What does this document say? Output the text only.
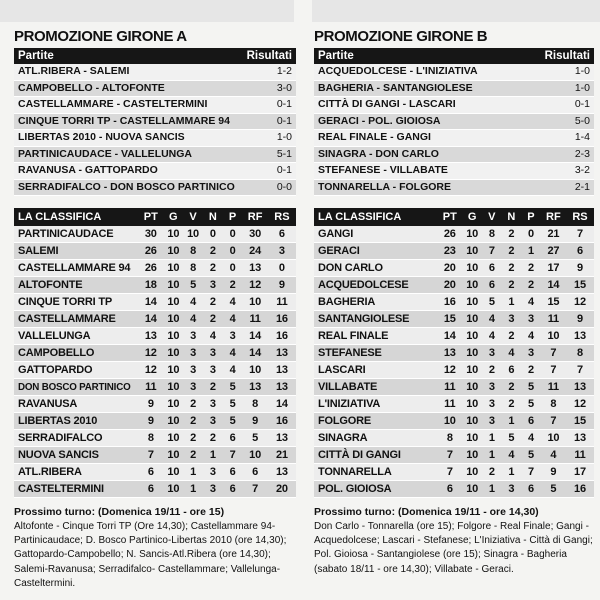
PROMOZIONE GIRONE A
Partite	Risultati
ATL.RIBERA - SALEMI	1-2
CAMPOBELLO - ALTOFONTE	3-0
CASTELLAMMARE - CASTELTERMINI	0-1
CINQUE TORRI TP - CASTELLAMMARE 94	0-1
LIBERTAS 2010 - NUOVA SANCIS	1-0
PARTINICAUDACE - VALLELUNGA	5-1
RAVANUSA - GATTOPARDO	0-1
SERRADIFALCO - DON BOSCO PARTINICO	0-0
LA CLASSIFICA	PT	G	V	N	P	RF	RS
PARTINICAUDACE	30	10	10	0	0	30	6
SALEMI	26	10	8	2	0	24	3
CASTELLAMMARE 94	26	10	8	2	0	13	0
ALTOFONTE	18	10	5	3	2	12	9
CINQUE TORRI TP	14	10	4	2	4	10	11
CASTELLAMMARE	14	10	4	2	4	11	16
VALLELUNGA	13	10	3	4	3	14	16
CAMPOBELLO	12	10	3	3	4	14	13
GATTOPARDO	12	10	3	3	4	10	13
DON BOSCO PARTINICO	11	10	3	2	5	13	13
RAVANUSA	9	10	2	3	5	8	14
LIBERTAS 2010	9	10	2	3	5	9	16
SERRADIFALCO	8	10	2	2	6	5	13
NUOVA SANCIS	7	10	2	1	7	10	21
ATL.RIBERA	6	10	1	3	6	6	13
CASTELTERMINI	6	10	1	3	6	7	20
Prossimo turno: (Domenica 19/11 - ore 15)
Altofonte - Cinque Torri TP (Ore 14,30); Castellammare 94-Partinicaudace; D. Bosco Partinico-Libertas 2010 (ore 14,30); Gattopardo-Campobello; N. Sancis-Atl.Ribera (ore 14,30); Salemi-Ravanusa; Serradifalco- Castellammare; Vallelunga-Casteltermini.
PROMOZIONE GIRONE B
Partite	Risultati
ACQUEDOLCESE - L'INIZIATIVA	1-0
BAGHERIA - SANTANGIOLESE	1-0
CITTÀ DI GANGI - LASCARI	0-1
GERACI - POL. GIOIOSA	5-0
REAL FINALE - GANGI	1-4
SINAGRA - DON CARLO	2-3
STEFANESE - VILLABATE	3-2
TONNARELLA - FOLGORE	2-1
LA CLASSIFICA	PT	G	V	N	P	RF	RS
GANGI	26	10	8	2	0	21	7
GERACI	23	10	7	2	1	27	6
DON CARLO	20	10	6	2	2	17	9
ACQUEDOLCESE	20	10	6	2	2	14	15
BAGHERIA	16	10	5	1	4	15	12
SANTANGIOLESE	15	10	4	3	3	11	9
REAL FINALE	14	10	4	2	4	10	13
STEFANESE	13	10	3	4	3	7	8
LASCARI	12	10	2	6	2	7	7
VILLABATE	11	10	3	2	5	11	13
L'INIZIATIVA	11	10	3	2	5	8	12
FOLGORE	10	10	3	1	6	7	15
SINAGRA	8	10	1	5	4	10	13
CITTÀ DI GANGI	7	10	1	4	5	4	11
TONNARELLA	7	10	2	1	7	9	17
POL. GIOIOSA	6	10	1	3	6	5	16
Prossimo turno: (Domenica 19/11 - ore 14,30)
Don Carlo - Tonnarella (ore 15); Folgore - Real Finale; Gangi - Acquedolcese; Lascari - Stefanese; L'Iniziativa - Città di Gangi; Pol. Gioiosa - Santangiolese (ore 15); Sinagra - Bagheria (sabato 18/11 - ore 14,30); Villabate - Geraci.
